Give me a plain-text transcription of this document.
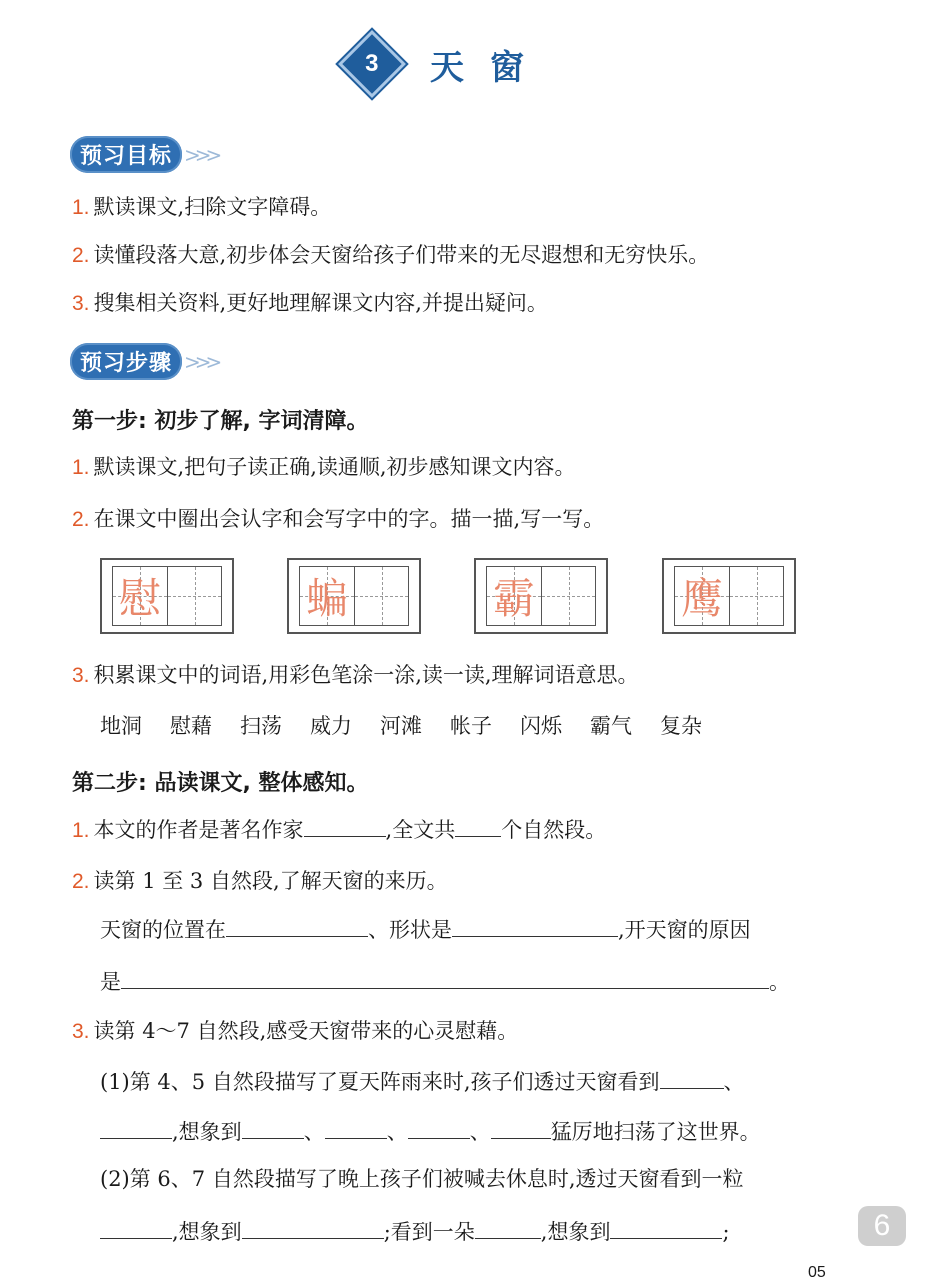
3 天窗
预习目标 >>>
1. 默读课文,扫除文字障碍。
2. 读懂段落大意,初步体会天窗给孩子们带来的无尽遐想和无穷快乐。
3. 搜集相关资料,更好地理解课文内容,并提出疑问。
预习步骤 >>>
第一步: 初步了解, 字词清障。
1. 默读课文,把句子读正确,读通顺,初步感知课文内容。
2. 在课文中圈出会认字和会写字中的字。描一描,写一写。
慰	蝙	霸	鹰
3. 积累课文中的词语,用彩色笔涂一涂,读一读,理解词语意思。
地洞 慰藉 扫荡 威力 河滩 帐子 闪烁 霸气 复杂
第二步: 品读课文, 整体感知。
1. 本文的作者是著名作家	,全文共 个自然段。
2. 读第 1 至 3 自然段,了解天窗的来历。
天窗的位置在	、形状是	,开天窗的原因
是	。
3. 读第 4～7 自然段,感受天窗带来的心灵慰藉。
(1)第 4、5 自然段描写了夏天阵雨来时,孩子们透过天窗看到	、
,想象到	、	、	、	猛厉地扫荡了这世界。
(2)第 6、7 自然段描写了晚上孩子们被喊去休息时,透过天窗看到一粒
,想象到	;看到一朵	,想象到	;	6
05
